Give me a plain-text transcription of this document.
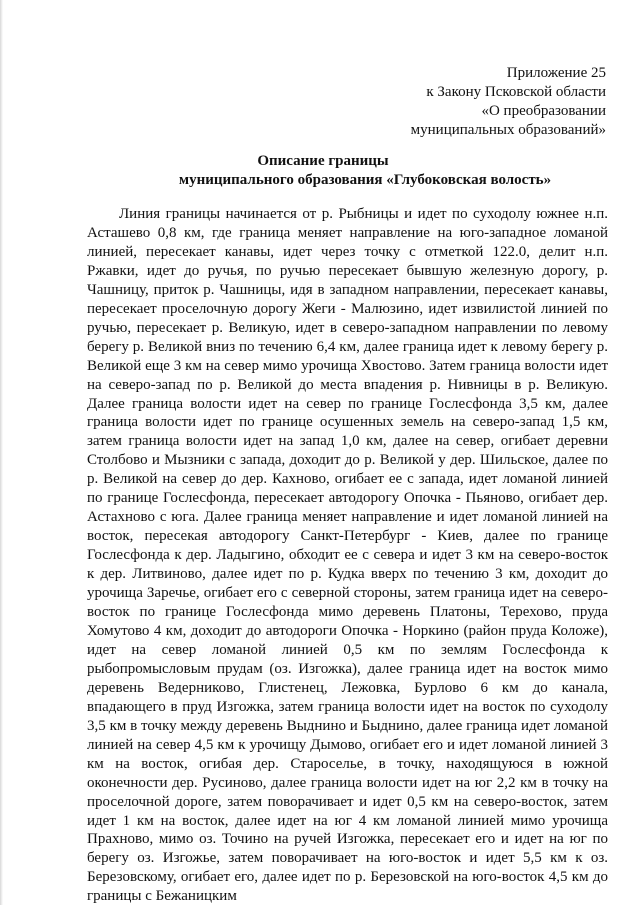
Приложение 25
к Закону Псковской области
«О преобразовании
муниципальных образований»
Описание границы
муниципального образования «Глубоковская волость»

Линия границы начинается от р. Рыбницы и идет по суходолу южнее н.п. Асташево 0,8 км, где граница меняет направление на юго-западное ломаной линией, пересекает канавы, идет через точку с отметкой 122.0, делит н.п. Ржавки, идет до ручья, по ручью пересекает бывшую железную дорогу, р. Чашницу, приток р. Чашницы, идя в западном направлении, пересекает канавы, пересекает проселочную дорогу Жеги - Малюзино, идет извилистой линией по ручью, пересекает р. Великую, идет в северо-западном направлении по левому берегу р. Великой вниз по течению 6,4 км, далее граница идет к левому берегу р. Великой еще 3 км на север мимо урочища Хвостово. Затем граница волости идет на северо-запад по р. Великой до места впадения р. Нивницы в р. Великую. Далее граница волости идет на север по границе Гослесфонда 3,5 км, далее граница волости идет по границе осушенных земель на северо-запад 1,5 км, затем граница волости идет на запад 1,0 км, далее на север, огибает деревни Столбово и Мызники с запада, доходит до р. Великой у дер. Шильское, далее по р. Великой на север до дер. Кахново, огибает ее с запада, идет ломаной линией по границе Гослесфонда, пересекает автодорогу Опочка - Пьяново, огибает дер. Астахново с юга. Далее граница меняет направление и идет ломаной линией на восток, пересекая автодорогу Санкт-Петербург - Киев, далее по границе Гослесфонда к дер. Ладыгино, обходит ее с севера и идет 3 км на северо-восток к дер. Литвиново, далее идет по р. Кудка вверх по течению 3 км, доходит до урочища Заречье, огибает его с северной стороны, затем граница идет на северо-восток по границе Гослесфонда мимо деревень Платоны, Терехово, пруда Хомутово 4 км, доходит до автодороги Опочка - Норкино (район пруда Коложе), идет на север ломаной линией 0,5 км по землям Гослесфонда к рыбопромысловым прудам (оз. Изгожка), далее граница идет на восток мимо деревень Ведерниково, Глистенец, Лежовка, Бурлово 6 км до канала, впадающего в пруд Изгожка, затем граница волости идет на восток по суходолу 3,5 км в точку между деревень Выднино и Быднино, далее граница идет ломаной линией на север 4,5 км к урочищу Дымово, огибает его и идет ломаной линией 3 км на восток, огибая дер. Староселье, в точку, находящуюся в южной оконечности дер. Русиново, далее граница волости идет на юг 2,2 км в точку на проселочной дороге, затем поворачивает и идет 0,5 км на северо-восток, затем идет 1 км на восток, далее идет на юг 4 км ломаной линией мимо урочища Прахново, мимо оз. Точино на ручей Изгожка, пересекает его и идет на юг по берегу оз. Изгожье, затем поворачивает на юго-восток и идет 5,5 км к оз. Березовскому, огибает его, далее идет по р. Березовской на юго-восток 4,5 км до границы с Бежаницким
